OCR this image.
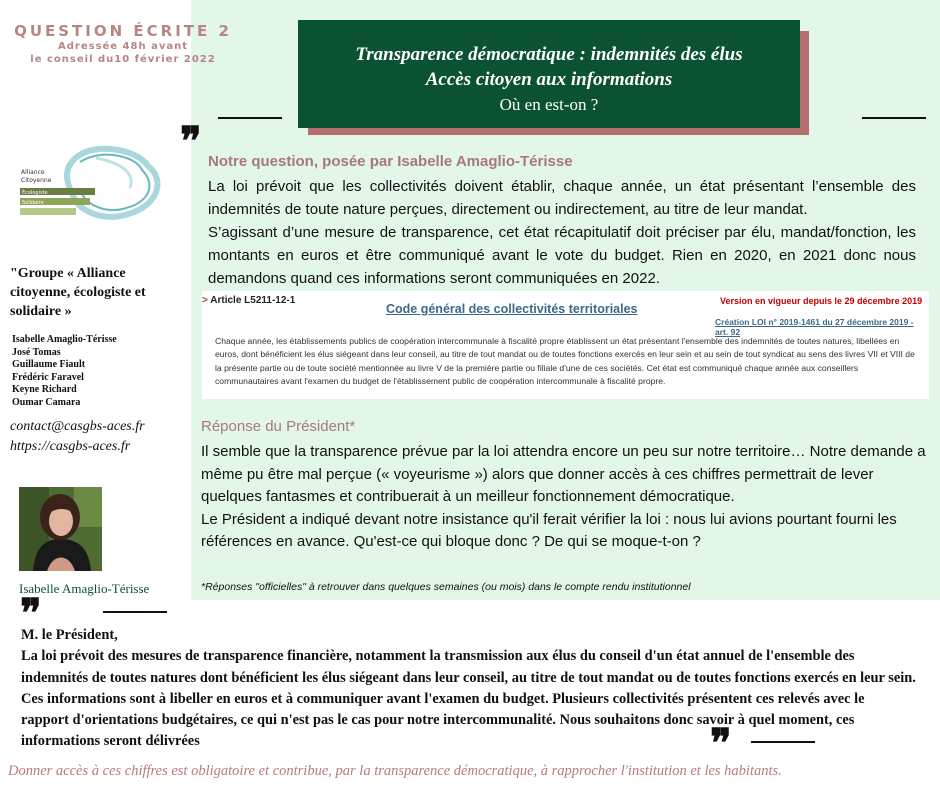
QUESTION ÉCRITE 2
Adressée 48h avant
le conseil du10 février 2022	Transparence démocratique : indemnités des élus
Accès citoyen aux informations
Où en est-on ?
❞
Alliance
Citoyenne
Écologiste
Solidaire
"Groupe « Alliance citoyenne, écologiste et solidaire »
Isabelle Amaglio-Térisse
José Tomas
Guillaume Fiault
Frédéric Faravel
Keyne Richard
Oumar Camara
contact@casgbs-aces.fr
https://casgbs-aces.fr
Isabelle Amaglio-Térisse
Notre question, posée par Isabelle Amaglio-Térisse

La loi prévoit que les collectivités doivent établir, chaque année, un état présentant l’ensemble des indemnités de toute nature perçues, directement ou indirectement, au titre de leur mandat.

S’agissant d’une mesure de transparence, cet état récapitulatif doit préciser par élu, mandat/fonction, les montants en euros et être communiqué avant le vote du budget. Rien en 2020, en 2021 donc nous demandons quand ces informations seront communiquées en 2022.

> Article L5211-12-1
Code général des collectivités territoriales
Version en vigueur depuis le 29 décembre 2019
Création LOI n° 2019-1461 du 27 décembre 2019 - art. 92
Chaque année, les établissements publics de coopération intercommunale à fiscalité propre établissent un état présentant l'ensemble des indemnités de toutes natures, libellées en euros, dont bénéficient les élus siégeant dans leur conseil, au titre de tout mandat ou de toutes fonctions exercés en leur sein et au sein de tout syndicat au sens des livres VII et VIII de la présente partie ou de toute société mentionnée au livre V de la première partie ou filiale d'une de ces sociétés. Cet état est communiqué chaque année aux conseillers communautaires avant l'examen du budget de l'établissement public de coopération intercommunale à fiscalité propre.
Réponse du Président*

Il semble que la transparence prévue par la loi attendra encore un peu sur notre territoire… Notre demande a même pu être mal perçue (« voyeurisme ») alors que donner accès à ces chiffres permettrait de lever quelques fantasmes et contribuerait à un meilleur fonctionnement démocratique.

Le Président a indiqué devant notre insistance qu'il ferait vérifier la loi : nous lui avions pourtant fourni les références en avance. Qu'est-ce qui bloque donc ? De qui se moque-t-on ?

*Réponses "officielles" à retrouver dans quelques semaines (ou mois) dans le compte rendu institutionnel
❞

M. le Président,

La loi prévoit des mesures de transparence financière, notamment la transmission aux élus du conseil d'un état annuel de l'ensemble des indemnités de toutes natures dont bénéficient les élus siégeant dans leur conseil, au titre de tout mandat ou de toutes fonctions exercés en leur sein. Ces informations sont à libeller en euros et à communiquer avant l'examen du budget. Plusieurs collectivités présentent ces relevés avec le rapport d'orientations budgétaires, ce qui n'est pas le cas pour notre intercommunalité. Nous souhaitons donc savoir à quel moment, ces informations seront délivrées	❞
Donner accès à ces chiffres est obligatoire et contribue, par la transparence démocratique, à rapprocher l'institution et les habitants.
